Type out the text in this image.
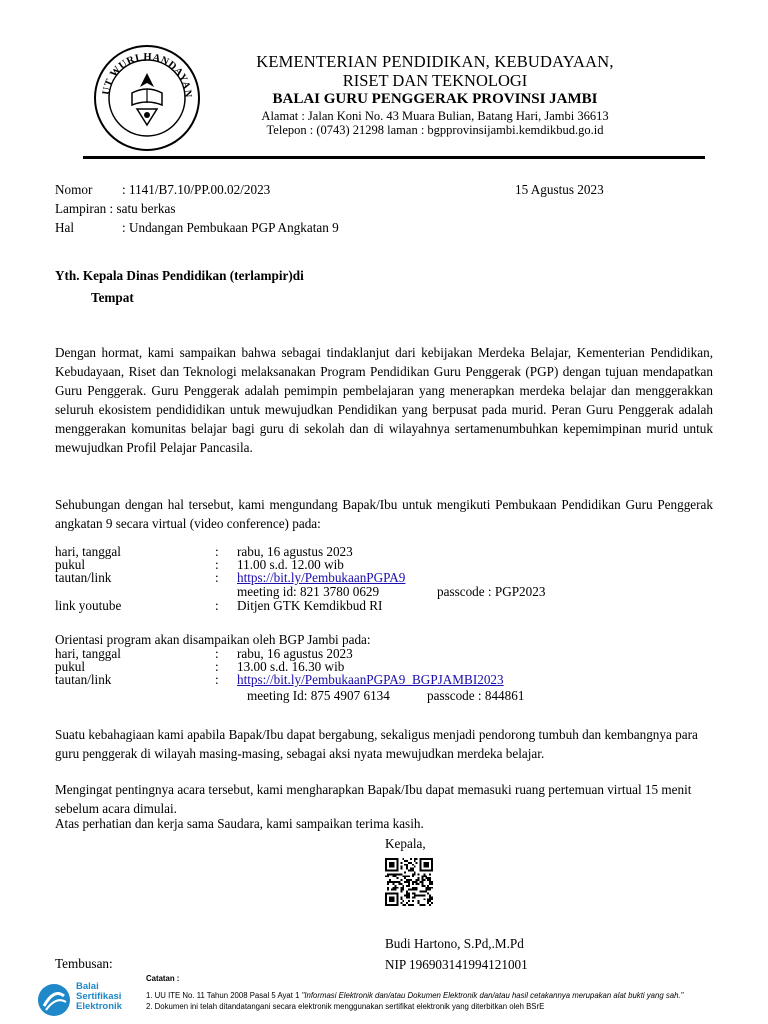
UT WURI HANDAYAN
KEMENTERIAN PENDIDIKAN, KEBUDAYAAN,
RISET DAN TEKNOLOGI
BALAI GURU PENGGERAK PROVINSI JAMBI
Alamat : Jalan Koni No. 43 Muara Bulian, Batang Hari, Jambi 36613
Telepon : (0743) 21298 laman : bgpprovinsijambi.kemdikbud.go.id
Nomor : 1141/B7.10/PP.00.02/2023	15 Agustus 2023
Lampiran : satu berkas
Hal	: Undangan Pembukaan PGP Angkatan 9
Yth. Kepala Dinas Pendidikan (terlampir)di
Tempat
Dengan hormat, kami sampaikan bahwa sebagai tindaklanjut dari kebijakan Merdeka Belajar, Kementerian Pendidikan, Kebudayaan, Riset dan Teknologi melaksanakan Program Pendidikan Guru Penggerak (PGP) dengan tujuan mendapatkan Guru Penggerak. Guru Penggerak adalah pemimpin pembelajaran yang menerapkan merdeka belajar dan menggerakkan seluruh ekosistem pendididikan untuk mewujudkan Pendidikan yang berpusat pada murid. Peran Guru Penggerak adalah menggerakan komunitas belajar bagi guru di sekolah dan di wilayahnya sertamenumbuhkan kepemimpinan murid untuk mewujudkan Profil Pelajar Pancasila.
Sehubungan dengan hal tersebut, kami mengundang Bapak/Ibu untuk mengikuti Pembukaan Pendidikan Guru Penggerak angkatan 9 secara virtual (video conference) pada:
hari, tanggal	: rabu, 16 agustus 2023
pukul	: 11.00 s.d. 12.00 wib
tautan/link	: https://bit.ly/PembukaanPGPA9
meeting id: 821 3780 0629	passcode : PGP2023
link youtube	: Ditjen GTK Kemdikbud RI
Orientasi program akan disampaikan oleh BGP Jambi pada:
hari, tanggal	: rabu, 16 agustus 2023
pukul	: 13.00 s.d. 16.30 wib
tautan/link	: https://bit.ly/PembukaanPGPA9_BGPJAMBI2023
meeting Id: 875 4907 6134	passcode : 844861
Suatu kebahagiaan kami apabila Bapak/Ibu dapat bergabung, sekaligus menjadi pendorong tumbuh dan kembangnya para guru penggerak di wilayah masing-masing, sebagai aksi nyata mewujudkan merdeka belajar.
Mengingat pentingnya acara tersebut, kami mengharapkan Bapak/Ibu dapat memasuki ruang pertemuan virtual 15 menit sebelum acara dimulai.
Atas perhatian dan kerja sama Saudara, kami sampaikan terima kasih.
Kepala,
Budi Hartono, S.Pd,.M.Pd
NIP 196903141994121001
Tembusan:
Balai
Sertifikasi
Elektronik
Catatan :
1. UU ITE No. 11 Tahun 2008 Pasal 5 Ayat 1 "Informasi Elektronik dan/atau Dokumen Elektronik dan/atau hasil cetakannya merupakan alat bukti yang sah."
2. Dokumen ini telah ditandatangani secara elektronik menggunakan sertifikat elektronik yang diterbitkan oleh BSrE
